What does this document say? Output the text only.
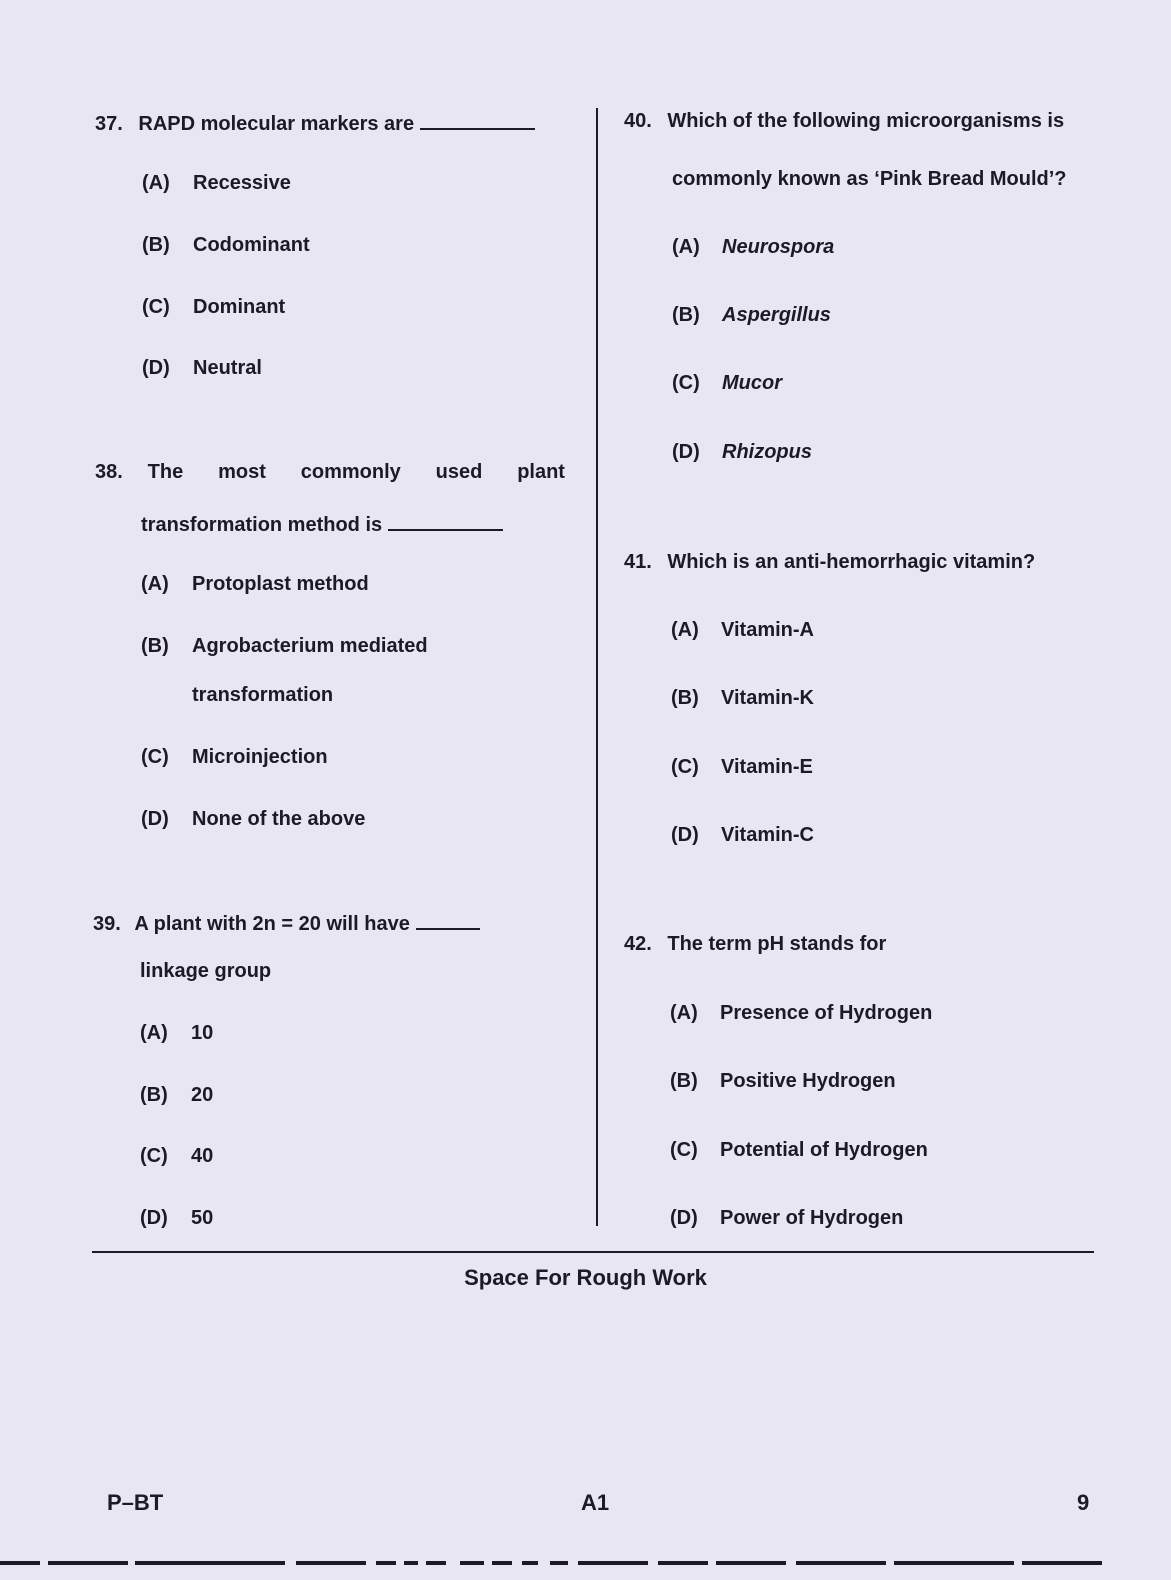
37. RAPD molecular markers are
(A) Recessive
(B) Codominant
(C) Dominant
(D) Neutral
38. The most commonly used plant
transformation method is
(A) Protoplast method
(B) Agrobacterium mediated
transformation
(C) Microinjection
(D) None of the above
39. A plant with 2n = 20 will have
linkage group
(A) 10
(B) 20
(C) 40
(D) 50
40. Which of the following microorganisms is
commonly known as ‘Pink Bread Mould’?
(A) Neurospora
(B) Aspergillus
(C) Mucor
(D) Rhizopus
41. Which is an anti-hemorrhagic vitamin?
(A) Vitamin-A
(B) Vitamin-K
(C) Vitamin-E
(D) Vitamin-C
42. The term pH stands for
(A) Presence of Hydrogen
(B) Positive Hydrogen
(C) Potential of Hydrogen
(D) Power of Hydrogen
Space For Rough Work
P–BT	A1	9
